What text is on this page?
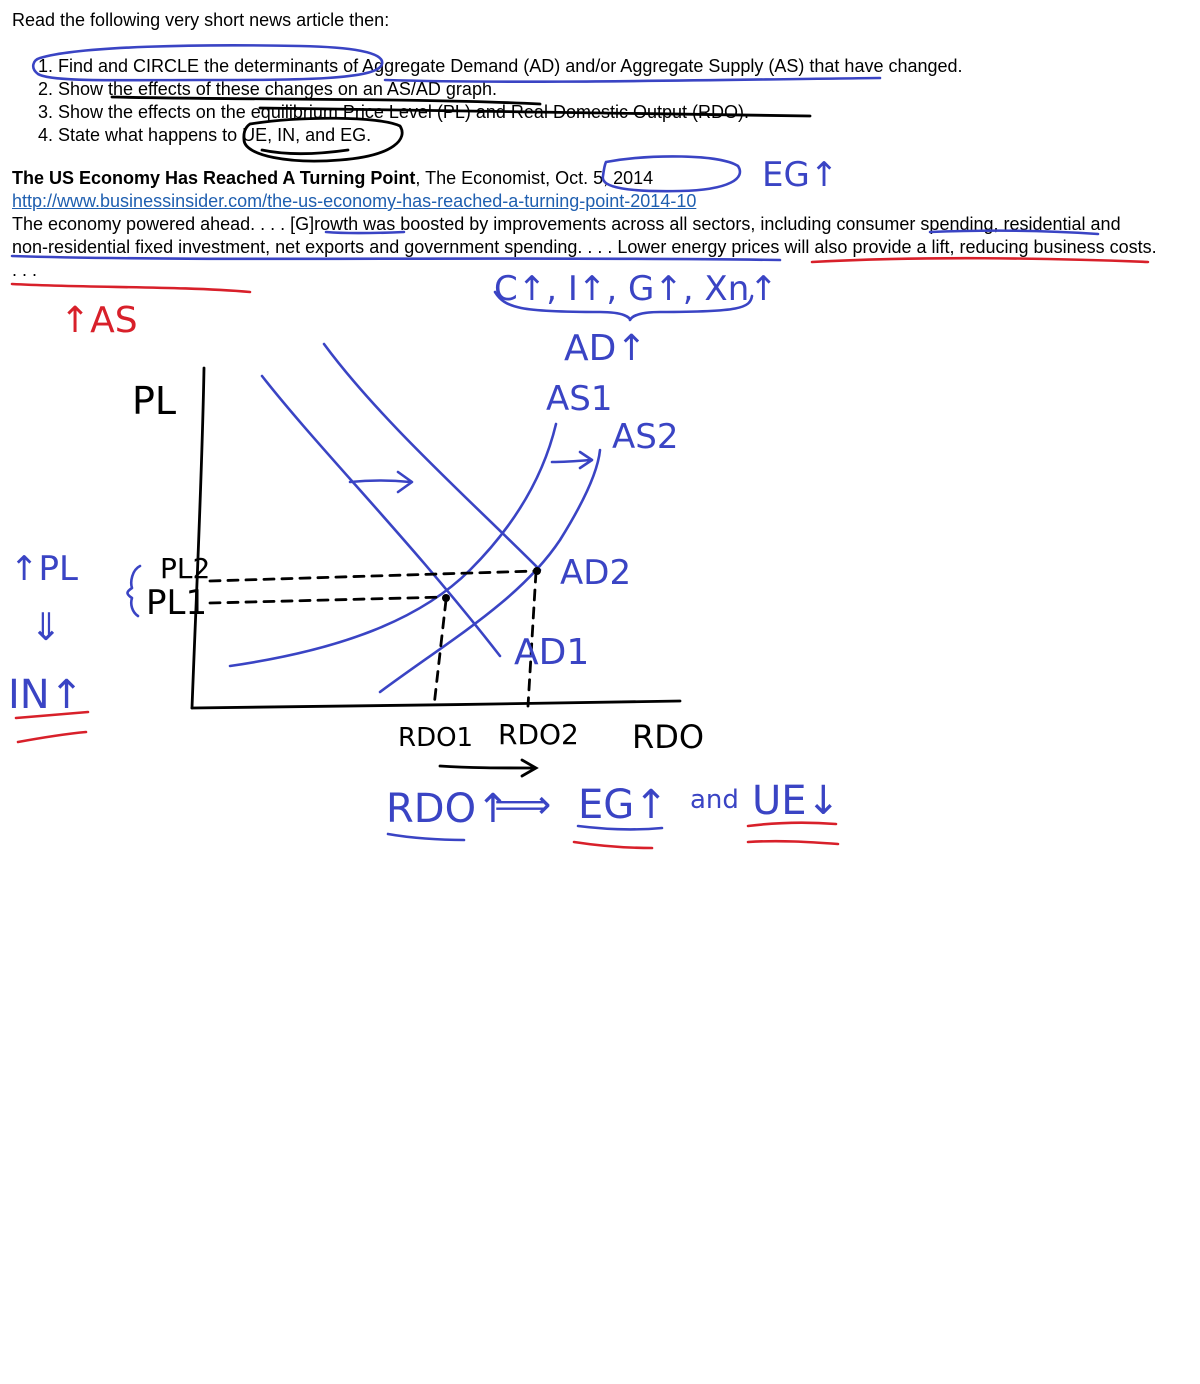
Read the following very short news article then:
1. Find and CIRCLE the determinants of Aggregate Demand (AD) and/or Aggregate Supply (AS) that have changed.
2. Show the effects of these changes on an AS/AD graph.
3. Show the effects on the equilibrium Price Level (PL) and Real Domestic Output (RDO).
4. State what happens to UE, IN, and EG.
The US Economy Has Reached A Turning Point, The Economist, Oct. 5, 2014
http://www.businessinsider.com/the-us-economy-has-reached-a-turning-point-2014-10
The economy powered ahead. . . . [G]rowth was boosted by improvements across all sectors, including consumer spending, residential and non-residential fixed investment, net exports and government spending. . . . Lower energy prices will also provide a lift, reducing business costs. . . .
EG↑
↑AS
C↑, I↑, G↑, Xn↑
AD↑
↑PL
⇓
IN↑
PL
RDO
PL2
PL1
RDO1 RDO2
AS1
AS2
AD1
AD2
RDO↑
⟹ EG↑ and UE↓
